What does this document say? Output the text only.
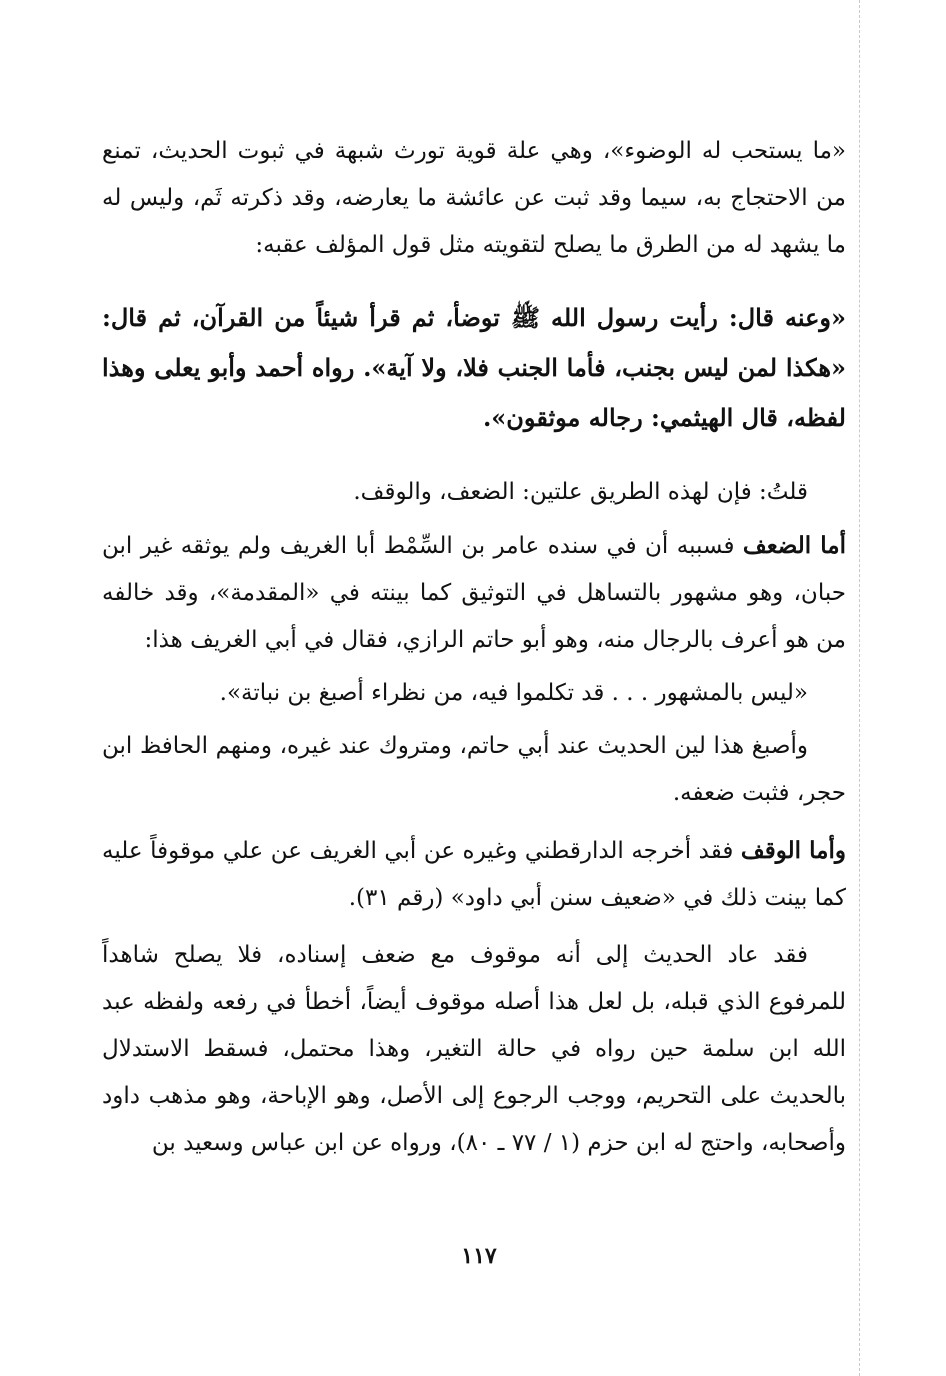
«ما يستحب له الوضوء»، وهي علة قوية تورث شبهة في ثبوت الحديث، تمنع من الاحتجاج به، سيما وقد ثبت عن عائشة ما يعارضه، وقد ذكرته ثَم، وليس له ما يشهد له من الطرق ما يصلح لتقويته مثل قول المؤلف عقبه:

«وعنه قال: رأيت رسول الله ﷺ توضأ، ثم قرأ شيئاً من القرآن، ثم قال: «هكذا لمن ليس بجنب، فأما الجنب فلا، ولا آية». رواه أحمد وأبو يعلى وهذا لفظه، قال الهيثمي: رجاله موثقون».

قلتُ: فإن لهذه الطريق علتين: الضعف، والوقف.

أما الضعف فسببه أن في سنده عامر بن السِّمْط أبا الغريف ولم يوثقه غير ابن حبان، وهو مشهور بالتساهل في التوثيق كما بينته في «المقدمة»، وقد خالفه من هو أعرف بالرجال منه، وهو أبو حاتم الرازي، فقال في أبي الغريف هذا:

«ليس بالمشهور . . . قد تكلموا فيه، من نظراء أصبغ بن نباتة».

وأصبغ هذا لين الحديث عند أبي حاتم، ومتروك عند غيره، ومنهم الحافظ ابن حجر، فثبت ضعفه.

وأما الوقف فقد أخرجه الدارقطني وغيره عن أبي الغريف عن علي موقوفاً عليه كما بينت ذلك في «ضعيف سنن أبي داود» (رقم ٣١).

فقد عاد الحديث إلى أنه موقوف مع ضعف إسناده، فلا يصلح شاهداً للمرفوع الذي قبله، بل لعل هذا أصله موقوف أيضاً، أخطأ في رفعه ولفظه عبد الله ابن سلمة حين رواه في حالة التغير، وهذا محتمل، فسقط الاستدلال بالحديث على التحريم، ووجب الرجوع إلى الأصل، وهو الإباحة، وهو مذهب داود وأصحابه، واحتج له ابن حزم (١ / ٧٧ ـ ٨٠)، ورواه عن ابن عباس وسعيد بن

١١٧
